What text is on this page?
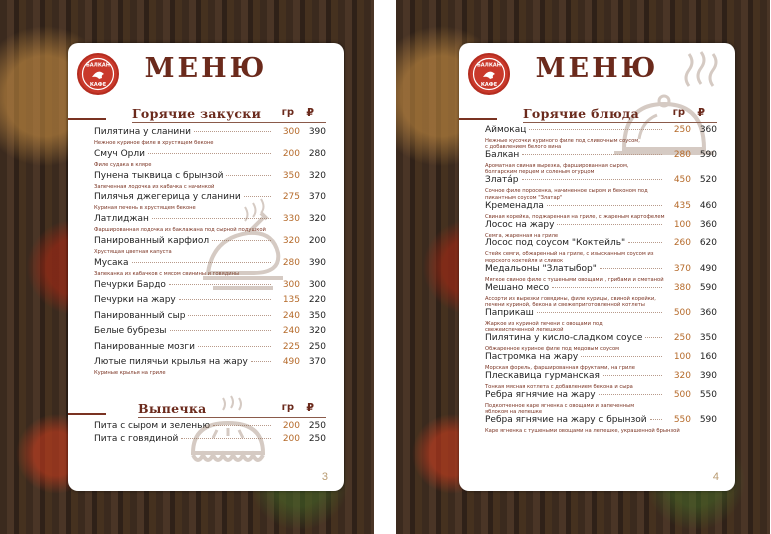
БАЛКАН
КАФЕ
МЕНЮ
Горячие закуски гр ₽
Пилятина у сланини	300 390
Нежное куриное филе в хрустящем беконе
Смуч Орли	200 280
Филе судака в кляре
Пунена тыквица с брынзой	350 320
Запеченная лодочка из кабачка с начинкой
Пилячья джегерица у сланини	275 370
Куриная печень в хрустящем беконе
Латлиджан	330 320
Фаршированная лодочка из баклажана под сырной подушкой
Панированный карфиол	320 200
Хрустящая цветная капуста
Мусака	280 390
Запеканка из кабачков с мясом свинины и говядины
Печурки Бардо	300 300
Печурки на жару	135 220
Панированный сыр	240 350
Белые бубрезы	240 320
Панированные мозги	225 250
Лютые пилячьи крылья на жару	490 370
Куриные крылья на гриле
Выпечка	гр ₽
Пита с сыром и зеленью	200 250
Пита с говядиной	200 250
3
БАЛКАН
КАФЕ
МЕНЮ
Горячие блюда	гр ₽
Аймокац	250 360
Нежные кусочки куриного филе под сливочным соусом,
с добавлением белого вина
Балкан	280 590
Ароматная свиная вырезка, фаршированная сыром,
болгарским перцем и соленым огурцом
Злата́р	450 520
Сочное филе поросенка, начиненное сыром и беконом под
пикантным соусом "Златар"
Кременадла	435 460
Свиная корейка, поджаренная на гриле, с жареным картофелем
Лосос на жару	100 360
Семга, жаренная на гриле
Лосос под соусом "Коктейль"	260 620
Стейк семги, обжаренный на гриле, с изысканным соусом из
морского коктейля и сливок
Медальоны "Златыбор"	370 490
Мягкое свиное филе с тушеными овощами , грибами и сметаной
Мешано месо	380 590
Ассорти из вырезки говядины, филе курицы, свиной корейки,
печени куриной, бекона и свежеприготовленной котлеты
Паприкаш	500 360
Жаркое из куриной печени с овощами под
свежеиспеченной лепешкой
Пилятина у кисло-сладком соусе	250 350
Обжаренное куриное филе под медовым соусом
Пастромка на жару	100 160
Морская форель, фаршированная фруктами, на гриле
Плескавица гурманская	320 390
Тонкая мясная котлета с добавлением бекона и сыра
Ребра ягнячие на жару	500 550
Подкопченное каре ягненка с овощами и запеченным
яблоком на лепешке
Ребра ягнячие на жару с брынзой	550 590
Каре ягненка с тушеными овощами на лепешке, украшенной брынзой
4
